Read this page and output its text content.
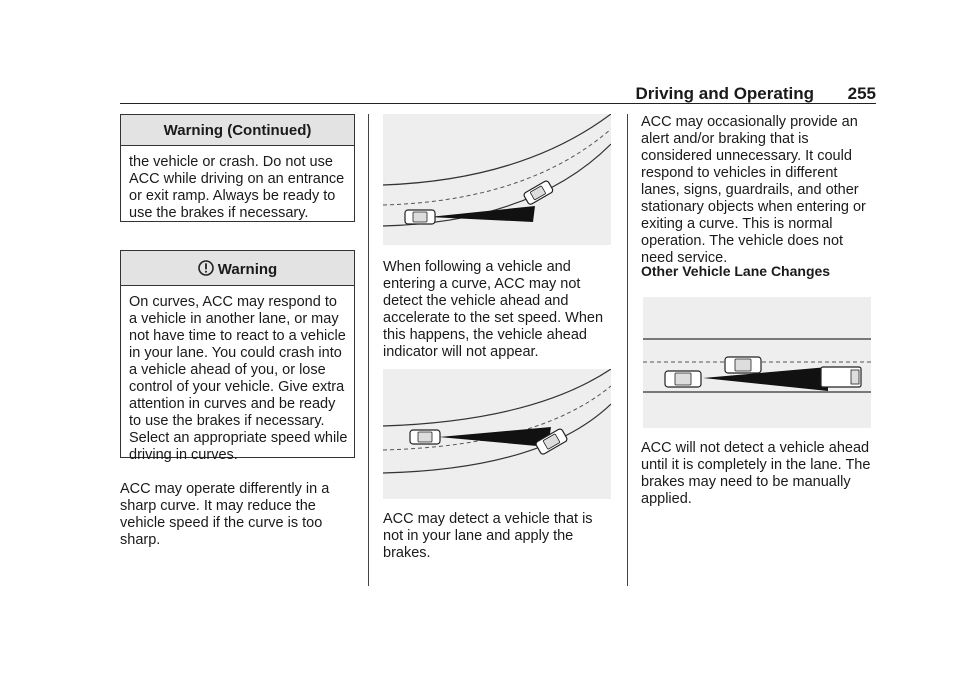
Driving and Operating 255
Warning (Continued)
the vehicle or crash. Do not use ACC while driving on an entrance or exit ramp. Always be ready to use the brakes if necessary.
Warning
On curves, ACC may respond to a vehicle in another lane, or may not have time to react to a vehicle in your lane. You could crash into a vehicle ahead of you, or lose control of your vehicle. Give extra attention in curves and be ready to use the brakes if necessary. Select an appropriate speed while driving in curves.
ACC may operate differently in a sharp curve. It may reduce the vehicle speed if the curve is too sharp.
When following a vehicle and entering a curve, ACC may not detect the vehicle ahead and accelerate to the set speed. When this happens, the vehicle ahead indicator will not appear.
ACC may detect a vehicle that is not in your lane and apply the brakes.
ACC may occasionally provide an alert and/or braking that is considered unnecessary. It could respond to vehicles in different lanes, signs, guardrails, and other stationary objects when entering or exiting a curve. This is normal operation. The vehicle does not need service.
Other Vehicle Lane Changes
ACC will not detect a vehicle ahead until it is completely in the lane. The brakes may need to be manually applied.
